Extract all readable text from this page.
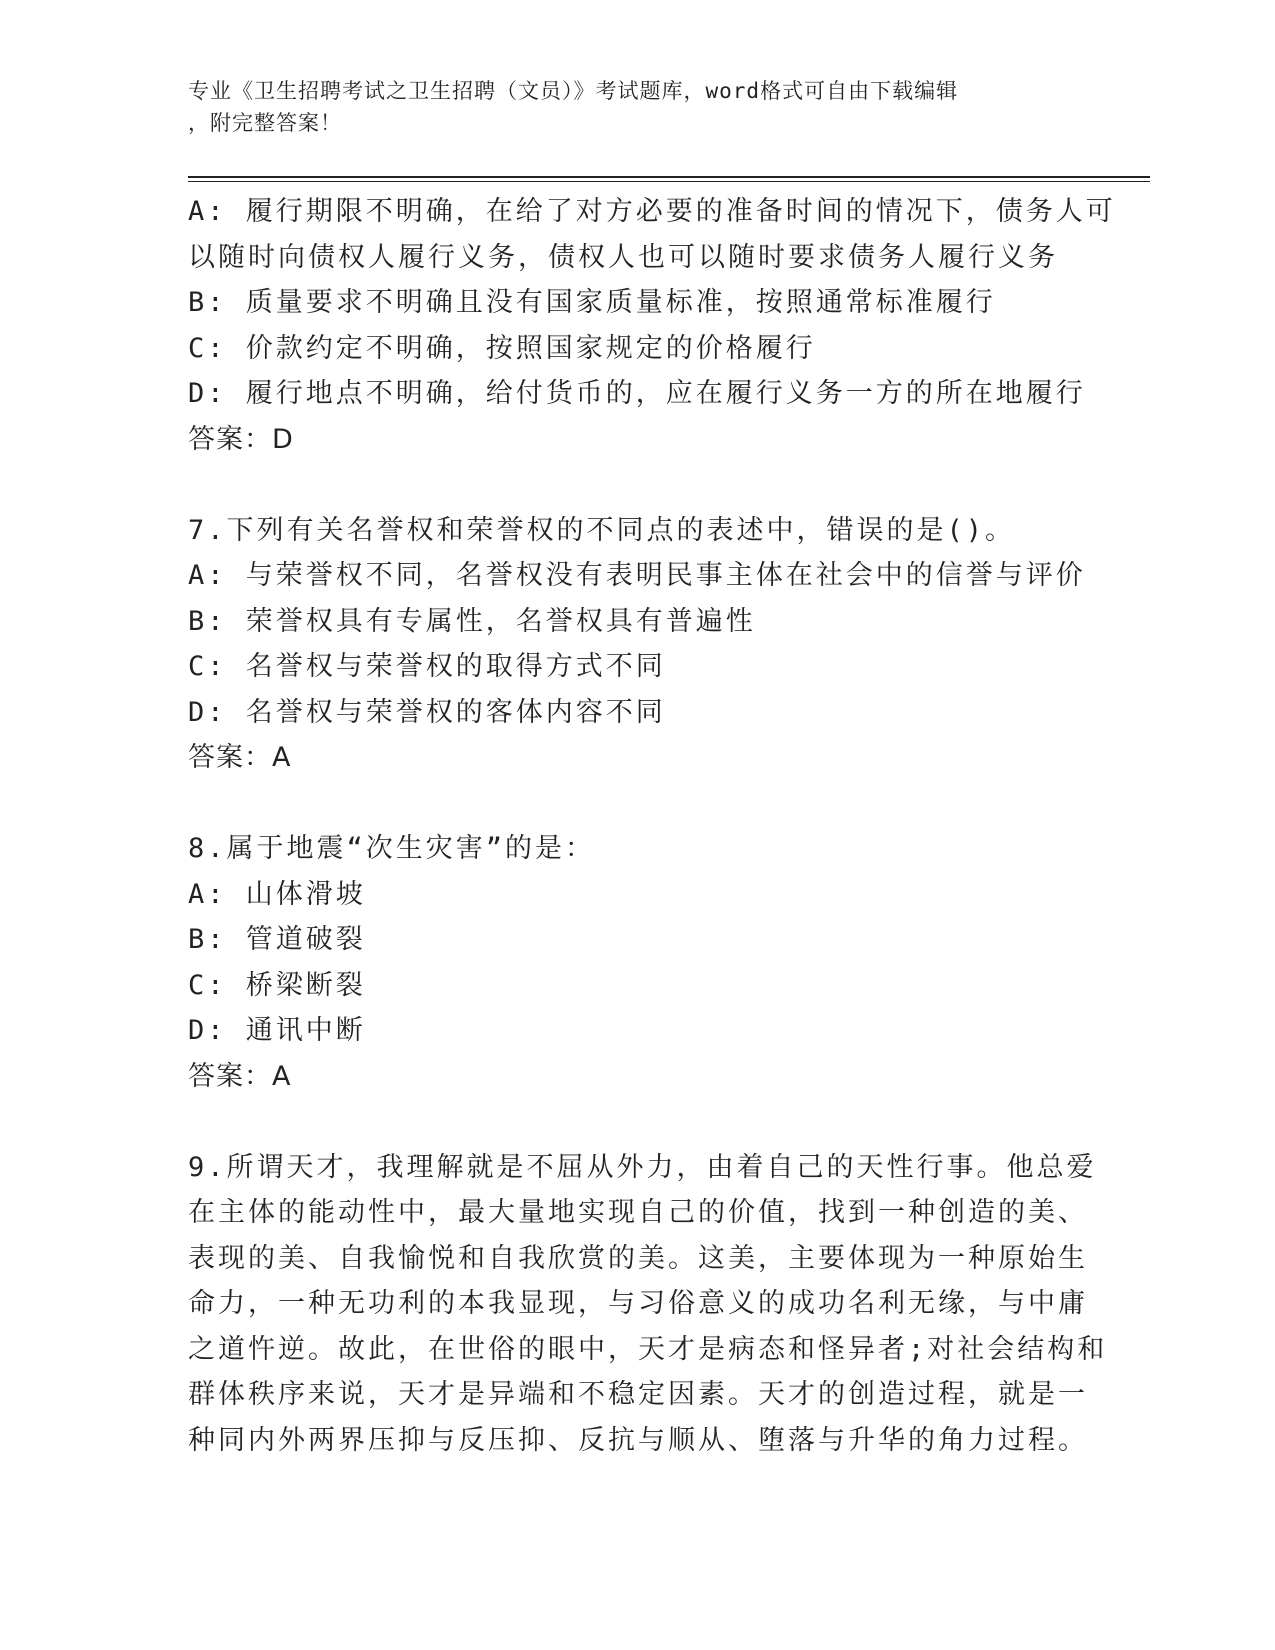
专业《卫生招聘考试之卫生招聘（文员）》考试题库，word格式可自由下载编辑
，附完整答案！
A: 履行期限不明确，在给了对方必要的准备时间的情况下，债务人可
以随时向债权人履行义务，债权人也可以随时要求债务人履行义务
B: 质量要求不明确且没有国家质量标准，按照通常标准履行
C: 价款约定不明确，按照国家规定的价格履行
D: 履行地点不明确，给付货币的，应在履行义务一方的所在地履行
答案：D
7.下列有关名誉权和荣誉权的不同点的表述中，错误的是()。
A: 与荣誉权不同，名誉权没有表明民事主体在社会中的信誉与评价
B: 荣誉权具有专属性，名誉权具有普遍性
C: 名誉权与荣誉权的取得方式不同
D: 名誉权与荣誉权的客体内容不同
答案：A
8.属于地震“次生灾害”的是：
A: 山体滑坡
B: 管道破裂
C: 桥梁断裂
D: 通讯中断
答案：A
9.所谓天才，我理解就是不屈从外力，由着自己的天性行事。他总爱
在主体的能动性中，最大量地实现自己的价值，找到一种创造的美、
表现的美、自我愉悦和自我欣赏的美。这美，主要体现为一种原始生
命力，一种无功利的本我显现，与习俗意义的成功名利无缘，与中庸
之道忤逆。故此，在世俗的眼中，天才是病态和怪异者;对社会结构和
群体秩序来说，天才是异端和不稳定因素。天才的创造过程，就是一
种同内外两界压抑与反压抑、反抗与顺从、堕落与升华的角力过程。
